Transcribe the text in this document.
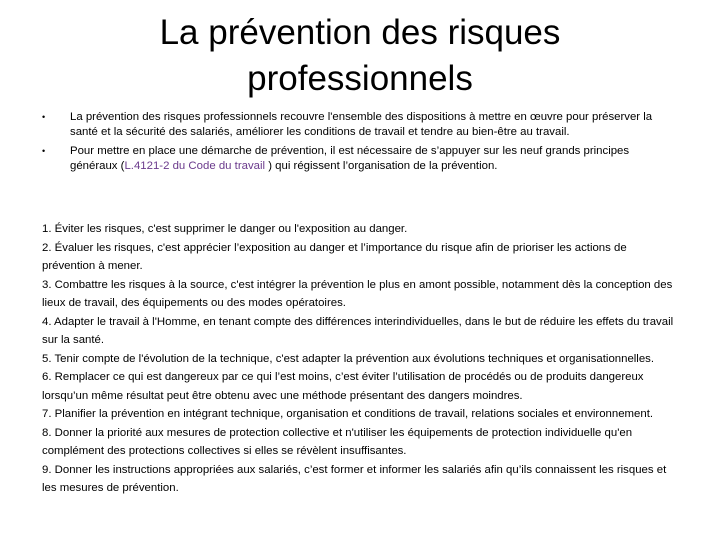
La prévention des risques
professionnels
• La prévention des risques professionnels recouvre l'ensemble des dispositions à mettre en œuvre pour préserver la santé et la sécurité des salariés, améliorer les conditions de travail et tendre au bien-être au travail.
• Pour mettre en place une démarche de prévention, il est nécessaire de s’appuyer sur les neuf grands principes généraux (L.4121-2 du Code du travail ) qui régissent l’organisation de la prévention.

1. Éviter les risques, c'est supprimer le danger ou l'exposition au danger.

2. Évaluer les risques, c'est apprécier l’exposition au danger et l’importance du risque afin de prioriser les actions de prévention à mener.

3. Combattre les risques à la source, c'est intégrer la prévention le plus en amont possible, notamment dès la conception des lieux de travail, des équipements ou des modes opératoires.

4. Adapter le travail à l'Homme, en tenant compte des différences interindividuelles, dans le but de réduire les effets du travail sur la santé.

5. Tenir compte de l'évolution de la technique, c'est adapter la prévention aux évolutions techniques et organisationnelles.

6. Remplacer ce qui est dangereux par ce qui l’est moins, c’est éviter l’utilisation de procédés ou de produits dangereux lorsqu’un même résultat peut être obtenu avec une méthode présentant des dangers moindres.

7. Planifier la prévention en intégrant technique, organisation et conditions de travail, relations sociales et environnement.

8. Donner la priorité aux mesures de protection collective et n'utiliser les équipements de protection individuelle qu'en complément des protections collectives si elles se révèlent insuffisantes.

9. Donner les instructions appropriées aux salariés, c’est former et informer les salariés afin qu’ils connaissent les risques et les mesures de prévention.
